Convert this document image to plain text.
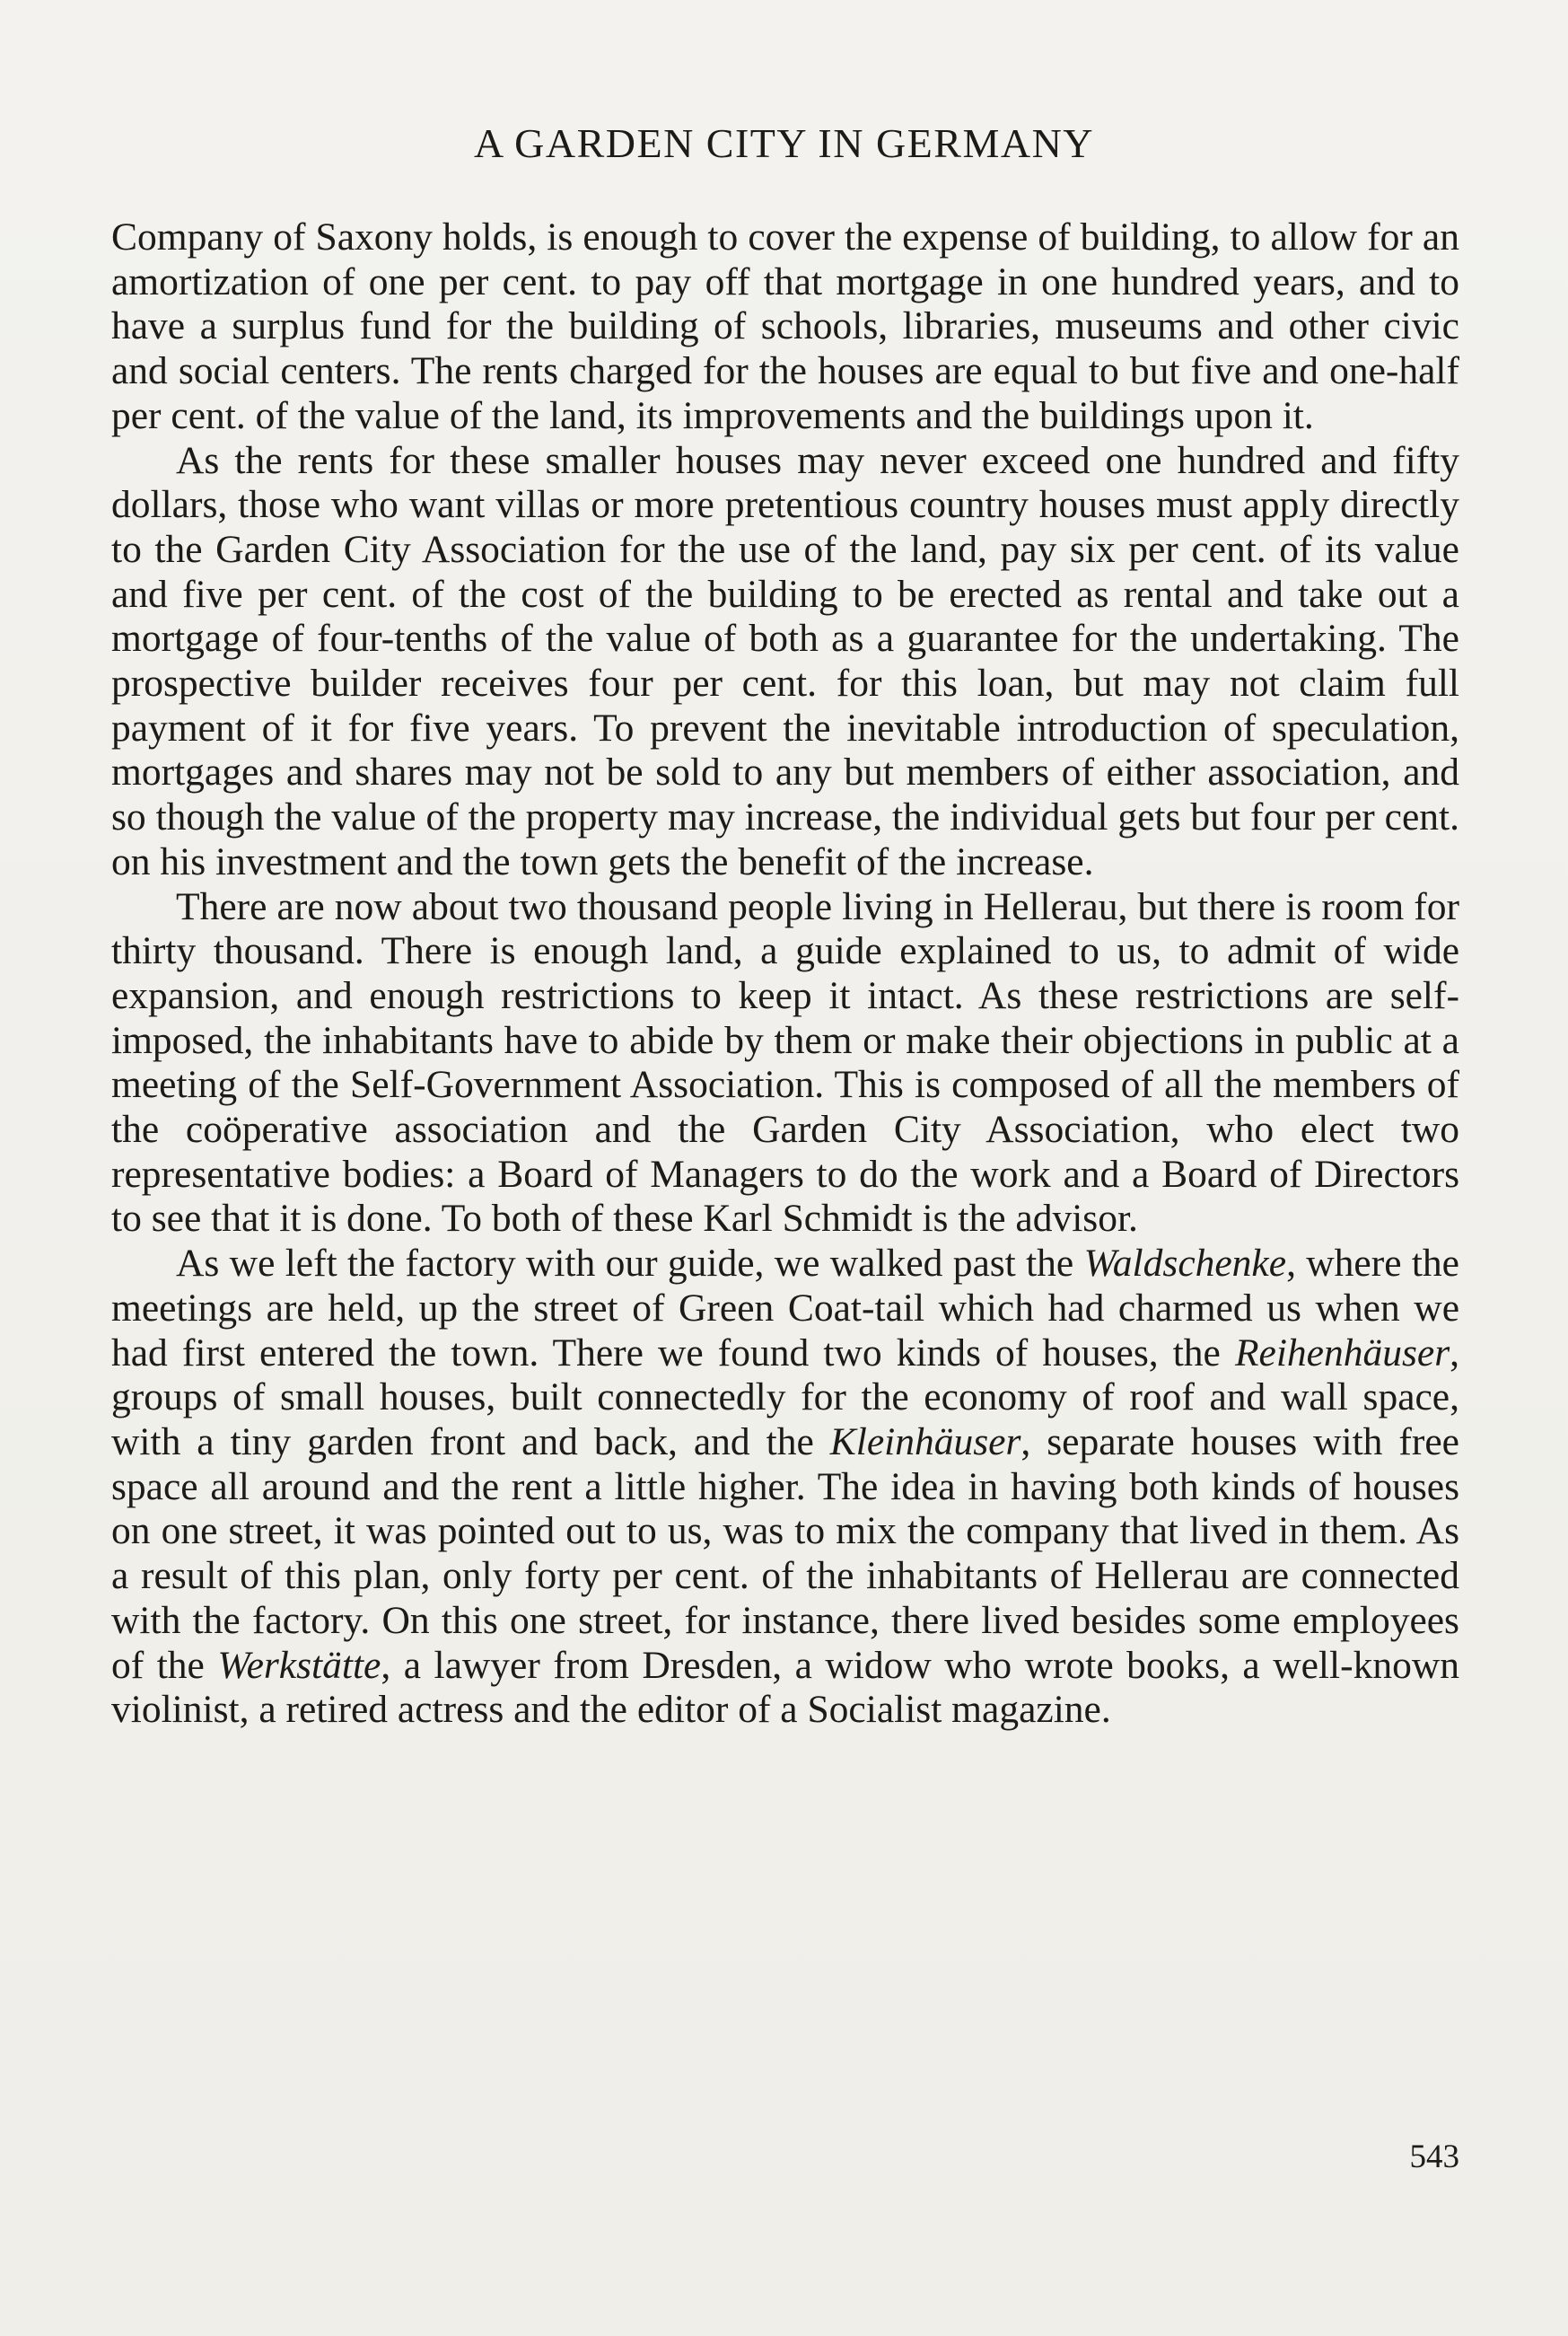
A GARDEN CITY IN GERMANY

Company of Saxony holds, is enough to cover the expense of building, to allow for an amortization of one per cent. to pay off that mortgage in one hundred years, and to have a surplus fund for the building of schools, libraries, museums and other civic and social centers. The rents charged for the houses are equal to but five and one-half per cent. of the value of the land, its improvements and the buildings upon it.

As the rents for these smaller houses may never exceed one hundred and fifty dollars, those who want villas or more pretentious country houses must apply directly to the Garden City Association for the use of the land, pay six per cent. of its value and five per cent. of the cost of the building to be erected as rental and take out a mortgage of four-tenths of the value of both as a guarantee for the undertaking. The prospective builder receives four per cent. for this loan, but may not claim full payment of it for five years. To prevent the inevitable introduction of speculation, mortgages and shares may not be sold to any but members of either association, and so though the value of the property may increase, the individual gets but four per cent. on his investment and the town gets the benefit of the increase.

There are now about two thousand people living in Hellerau, but there is room for thirty thousand. There is enough land, a guide explained to us, to admit of wide expansion, and enough restrictions to keep it intact. As these restrictions are self-imposed, the inhabitants have to abide by them or make their objections in public at a meeting of the Self-Government Association. This is composed of all the members of the coöperative association and the Garden City Association, who elect two representative bodies: a Board of Managers to do the work and a Board of Directors to see that it is done. To both of these Karl Schmidt is the advisor.

As we left the factory with our guide, we walked past the Waldschenke, where the meetings are held, up the street of Green Coat-tail which had charmed us when we had first entered the town. There we found two kinds of houses, the Reihenhäuser, groups of small houses, built connectedly for the economy of roof and wall space, with a tiny garden front and back, and the Kleinhäuser, separate houses with free space all around and the rent a little higher. The idea in having both kinds of houses on one street, it was pointed out to us, was to mix the company that lived in them. As a result of this plan, only forty per cent. of the inhabitants of Hellerau are connected with the factory. On this one street, for instance, there lived besides some employees of the Werkstätte, a lawyer from Dresden, a widow who wrote books, a well-known violinist, a retired actress and the editor of a Socialist magazine.

543
